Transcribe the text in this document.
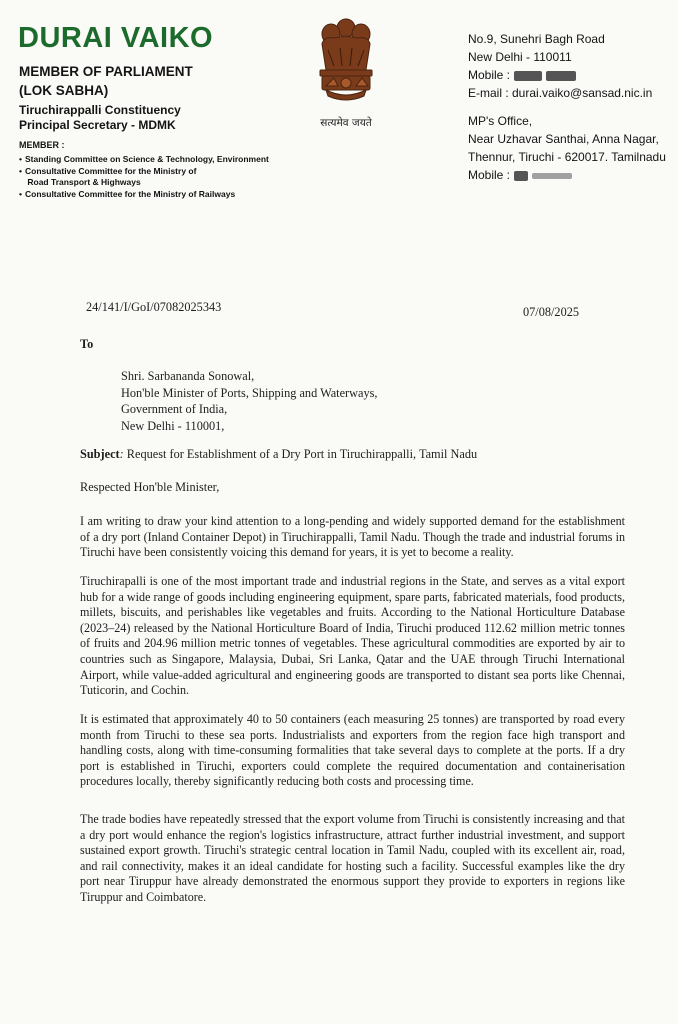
DURAI VAIKO
MEMBER OF PARLIAMENT
(LOK SABHA)
Tiruchirappalli Constituency
Principal Secretary - MDMK
MEMBER :
• Standing Committee on Science & Technology, Environment
• Consultative Committee for the Ministry of
Road Transport & Highways
• Consultative Committee for the Ministry of Railways
सत्यमेव जयते
No.9, Sunehri Bagh Road
New Delhi - 110011
Mobile :
E-mail : durai.vaiko@sansad.nic.in
MP's Office,
Near Uzhavar Santhai, Anna Nagar,
Thennur, Tiruchi - 620017. Tamilnadu
Mobile :
24/141/I/GoI/07082025343	07/08/2025
To
Shri. Sarbananda Sonowal,
Hon'ble Minister of Ports, Shipping and Waterways,
Government of India,
New Delhi - 110001,
Subject: Request for Establishment of a Dry Port in Tiruchirappalli, Tamil Nadu
Respected Hon'ble Minister,

I am writing to draw your kind attention to a long-pending and widely supported demand for the establishment of a dry port (Inland Container Depot) in Tiruchirappalli, Tamil Nadu. Though the trade and industrial forums in Tiruchi have been consistently voicing this demand for years, it is yet to become a reality.

Tiruchirapalli is one of the most important trade and industrial regions in the State, and serves as a vital export hub for a wide range of goods including engineering equipment, spare parts, fabricated materials, food products, millets, biscuits, and perishables like vegetables and fruits. According to the National Horticulture Database (2023–24) released by the National Horticulture Board of India, Tiruchi produced 112.62 million metric tonnes of fruits and 204.96 million metric tonnes of vegetables. These agricultural commodities are exported by air to countries such as Singapore, Malaysia, Dubai, Sri Lanka, Qatar and the UAE through Tiruchi International Airport, while value-added agricultural and engineering goods are transported to distant sea ports like Chennai, Tuticorin, and Cochin.

It is estimated that approximately 40 to 50 containers (each measuring 25 tonnes) are transported by road every month from Tiruchi to these sea ports. Industrialists and exporters from the region face high transport and handling costs, along with time-consuming formalities that take several days to complete at the ports. If a dry port is established in Tiruchi, exporters could complete the required documentation and containerisation procedures locally, thereby significantly reducing both costs and processing time.

The trade bodies have repeatedly stressed that the export volume from Tiruchi is consistently increasing and that a dry port would enhance the region's logistics infrastructure, attract further industrial investment, and support sustained export growth. Tiruchi's strategic central location in Tamil Nadu, coupled with its excellent air, road, and rail connectivity, makes it an ideal candidate for hosting such a facility. Successful examples like the dry port near Tiruppur have already demonstrated the enormous support they provide to exporters in regions like Tiruppur and Coimbatore.
